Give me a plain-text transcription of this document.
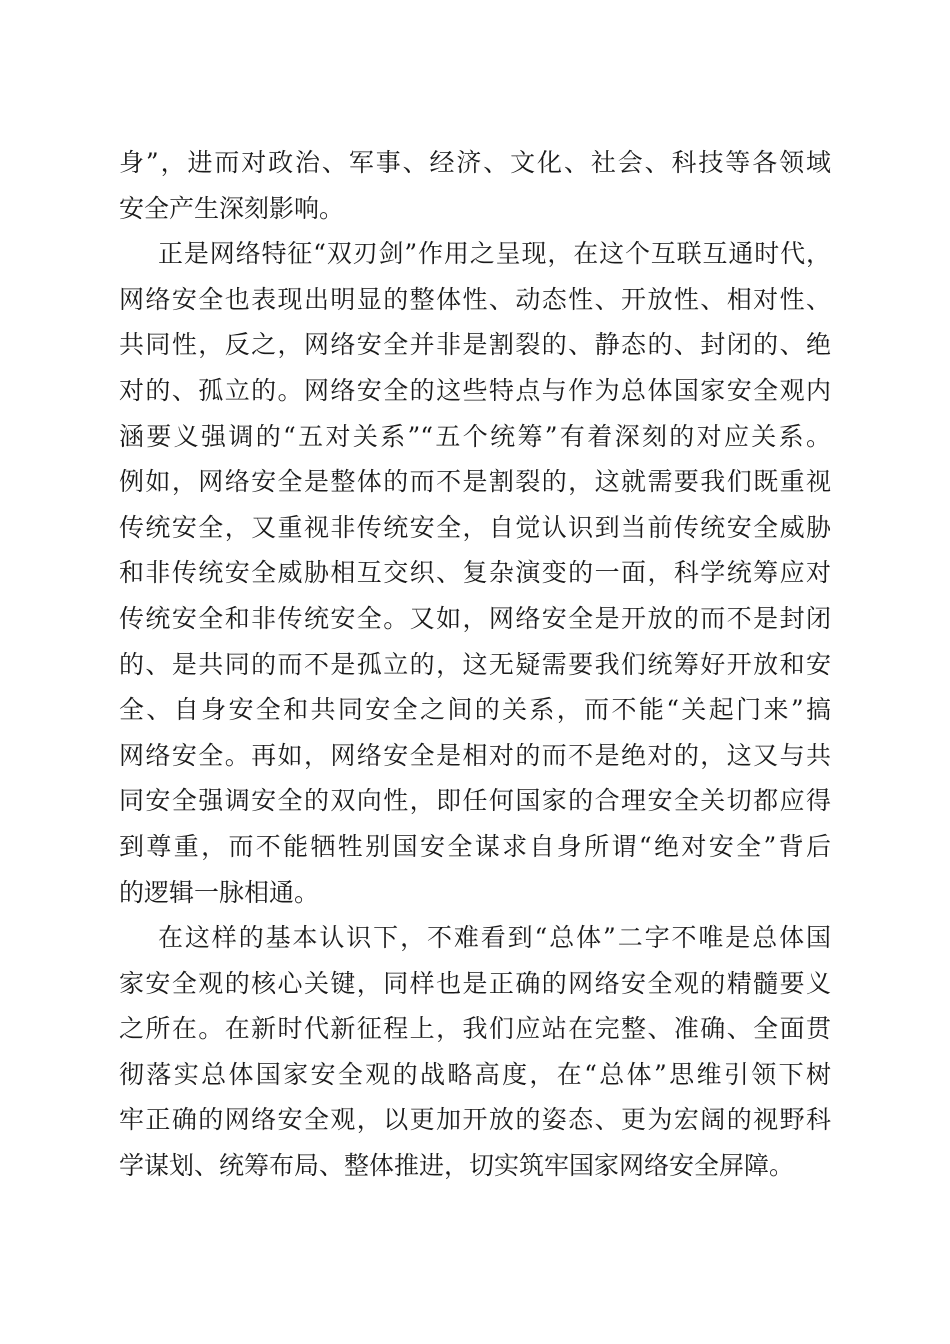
身”，进而对政治、军事、经济、文化、社会、科技等各领域
安全产生深刻影响。
正是网络特征“双刃剑”作用之呈现，在这个互联互通时代，
网络安全也表现出明显的整体性、动态性、开放性、相对性、
共同性，反之，网络安全并非是割裂的、静态的、封闭的、绝
对的、孤立的。网络安全的这些特点与作为总体国家安全观内
涵要义强调的“五对关系”“五个统筹”有着深刻的对应关系。
例如，网络安全是整体的而不是割裂的，这就需要我们既重视
传统安全，又重视非传统安全，自觉认识到当前传统安全威胁
和非传统安全威胁相互交织、复杂演变的一面，科学统筹应对
传统安全和非传统安全。又如，网络安全是开放的而不是封闭
的、是共同的而不是孤立的，这无疑需要我们统筹好开放和安
全、自身安全和共同安全之间的关系，而不能“关起门来”搞
网络安全。再如，网络安全是相对的而不是绝对的，这又与共
同安全强调安全的双向性，即任何国家的合理安全关切都应得
到尊重，而不能牺牲别国安全谋求自身所谓“绝对安全”背后
的逻辑一脉相通。
在这样的基本认识下，不难看到“总体”二字不唯是总体国
家安全观的核心关键，同样也是正确的网络安全观的精髓要义
之所在。在新时代新征程上，我们应站在完整、准确、全面贯
彻落实总体国家安全观的战略高度，在“总体”思维引领下树
牢正确的网络安全观，以更加开放的姿态、更为宏阔的视野科
学谋划、统筹布局、整体推进，切实筑牢国家网络安全屏障。
